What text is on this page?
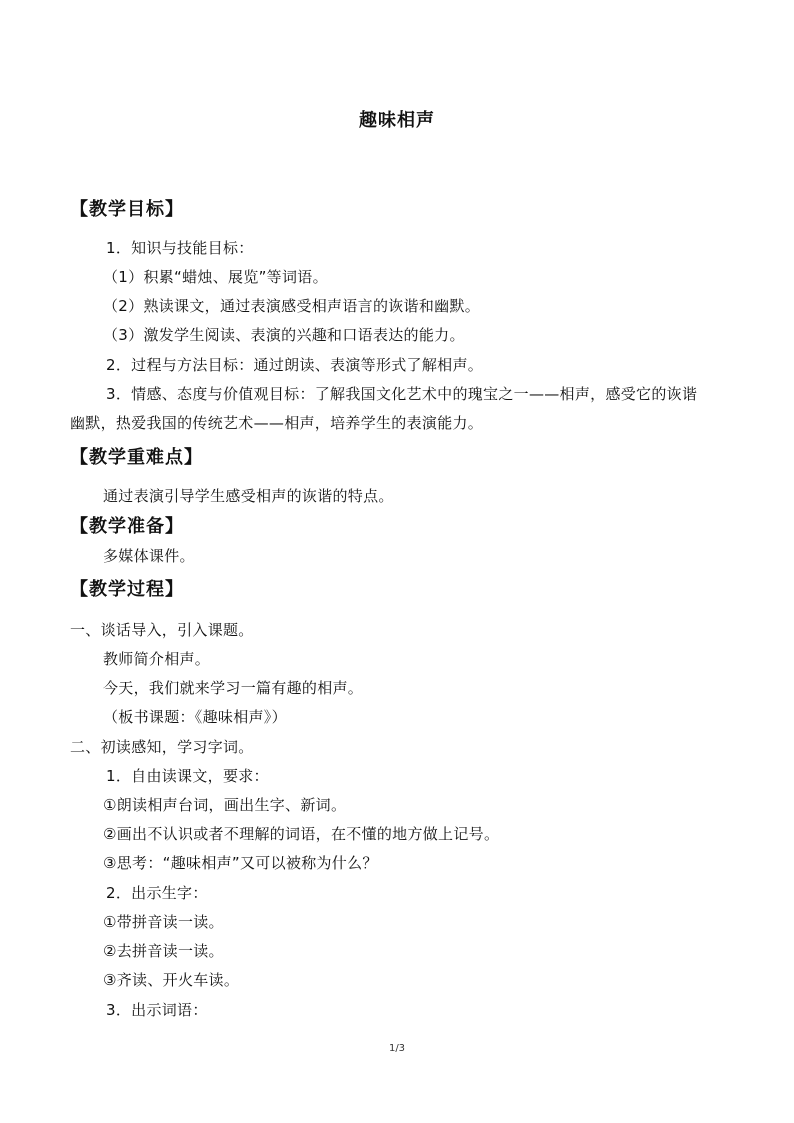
趣味相声
【教学目标】
1．知识与技能目标：
（1）积累“蜡烛、展览”等词语。
（2）熟读课文，通过表演感受相声语言的诙谐和幽默。
（3）激发学生阅读、表演的兴趣和口语表达的能力。
2．过程与方法目标：通过朗读、表演等形式了解相声。
3．情感、态度与价值观目标：了解我国文化艺术中的瑰宝之一——相声，感受它的诙谐
幽默，热爱我国的传统艺术——相声，培养学生的表演能力。
【教学重难点】
通过表演引导学生感受相声的诙谐的特点。
【教学准备】
多媒体课件。
【教学过程】
一、谈话导入，引入课题。
教师简介相声。
今天，我们就来学习一篇有趣的相声。
（板书课题：《趣味相声》）
二、初读感知，学习字词。
1．自由读课文，要求：
①朗读相声台词，画出生字、新词。
②画出不认识或者不理解的词语，在不懂的地方做上记号。
③思考：“趣味相声”又可以被称为什么？
2．出示生字：
①带拼音读一读。
②去拼音读一读。
③齐读、开火车读。
3．出示词语：
1/3
